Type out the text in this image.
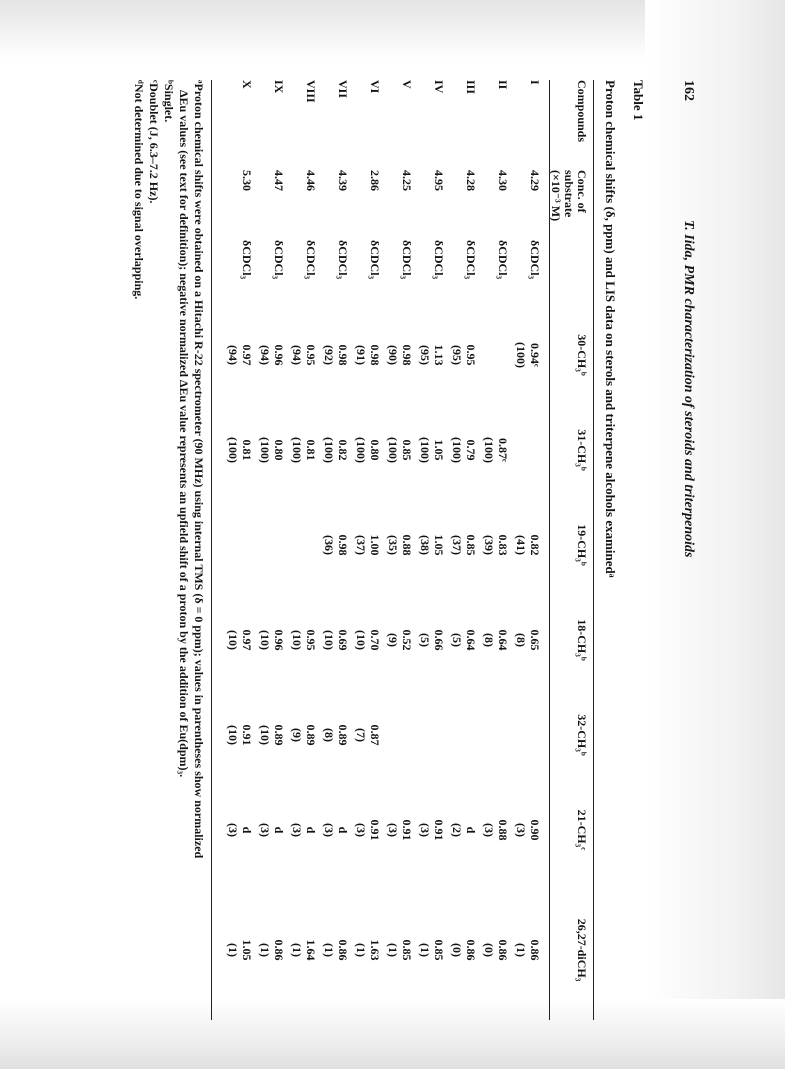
162
T. Iida, PMR characterization of steroids and triterpenoids
Table 1
Proton chemical shifts (δ, ppm) and LIS data on sterols and triterpene alcohols examinedᵃ
Compounds
Conc. of substrate (×10⁻³ M)
30-CH₃ᵇ
31-CH₃ᵇ
19-CH₃ᵇ
18-CH₃ᵇ
32-CH₃ᵇ
21-CH₃ᶜ
26,27-diCH₃
I
4.29
δCDCl₃
0.94ᶜ
(100)
0.82
(41)
0.65
(8)
0.90
(3)
0.86
(1)
II
4.30
δCDCl₃
0.87ᶜ
(100)
0.83
(39)
0.64
(8)
0.88
(3)
0.86
(0)
III
4.28
δCDCl₃
0.95
(95)
0.79
(100)
0.85
(37)
0.64
(5)
d
(2)
0.86
(0)
IV
4.95
δCDCl₃
1.13
(95)
1.05
(100)
1.05
(38)
0.66
(5)
0.91
(3)
0.85
(1)
V
4.25
δCDCl₃
0.98
(90)
0.85
(100)
0.88
(35)
0.52
(9)
0.91
(3)
0.85
(1)
VI
2.86
δCDCl₃
0.98
(91)
0.80
(100)
1.00
(37)
0.70
(10)
0.87
(7)
0.91
(3)
1.63
(1)
VII
4.39
δCDCl₃
0.98
(92)
0.82
(100)
0.98
(36)
0.69
(10)
0.89
(8)
d
(3)
0.86
(1)
VIII
4.46
δCDCl₃
0.95
(94)
0.81
(100)
0.95
(10)
0.89
(9)
d
(3)
1.64
(1)
IX
4.47
δCDCl₃
0.96
(94)
0.80
(100)
0.96
(10)
0.89
(10)
d
(3)
0.86
(1)
X
5.30
δCDCl₃
0.97
(94)
0.81
(100)
0.97
(10)
0.91
(10)
d
(3)
1.05
(1)

ᵃProton chemical shifts were obtained on a Hitachi R-22 spectrometer (90 MHz) using internal TMS (δ = 0 ppm); values in parentheses show normalized

ΔEu values (see text for definition); negative normalized ΔEu value represents an upfield shift of a proton by the addition of Eu(dpm)₃.

ᵇSinglet.

ᶜDoublet (J, 6.3–7.2 Hz).

ᵈNot determined due to signal overlapping.
